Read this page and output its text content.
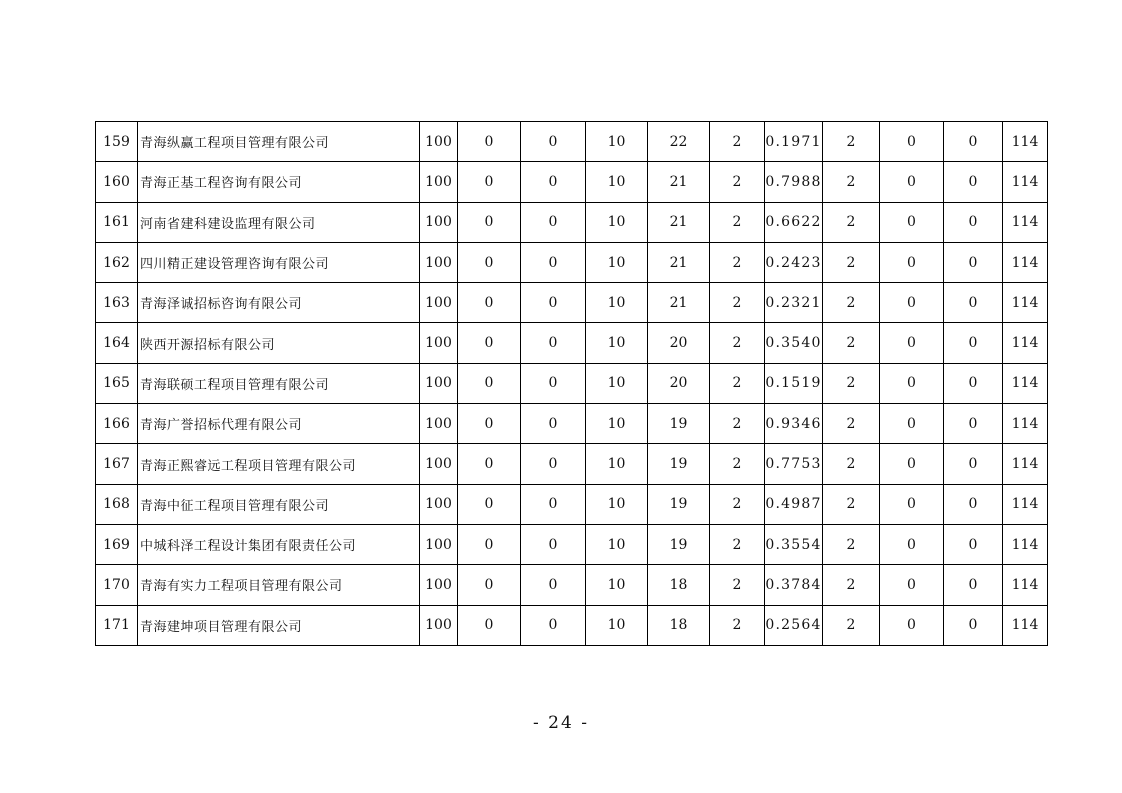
159	青海纵赢工程项目管理有限公司	100	0	0	10	22	2	0.1971	2	0	0	114
160	青海正基工程咨询有限公司	100	0	0	10	21	2	0.7988	2	0	0	114
161	河南省建科建设监理有限公司	100	0	0	10	21	2	0.6622	2	0	0	114
162	四川精正建设管理咨询有限公司	100	0	0	10	21	2	0.2423	2	0	0	114
163	青海泽诚招标咨询有限公司	100	0	0	10	21	2	0.2321	2	0	0	114
164	陕西开源招标有限公司	100	0	0	10	20	2	0.3540	2	0	0	114
165	青海联硕工程项目管理有限公司	100	0	0	10	20	2	0.1519	2	0	0	114
166	青海广誉招标代理有限公司	100	0	0	10	19	2	0.9346	2	0	0	114
167	青海正熙睿远工程项目管理有限公司	100	0	0	10	19	2	0.7753	2	0	0	114
168	青海中征工程项目管理有限公司	100	0	0	10	19	2	0.4987	2	0	0	114
169	中城科泽工程设计集团有限责任公司	100	0	0	10	19	2	0.3554	2	0	0	114
170	青海有实力工程项目管理有限公司	100	0	0	10	18	2	0.3784	2	0	0	114
171	青海建坤项目管理有限公司	100	0	0	10	18	2	0.2564	2	0	0	114
- 24 -
